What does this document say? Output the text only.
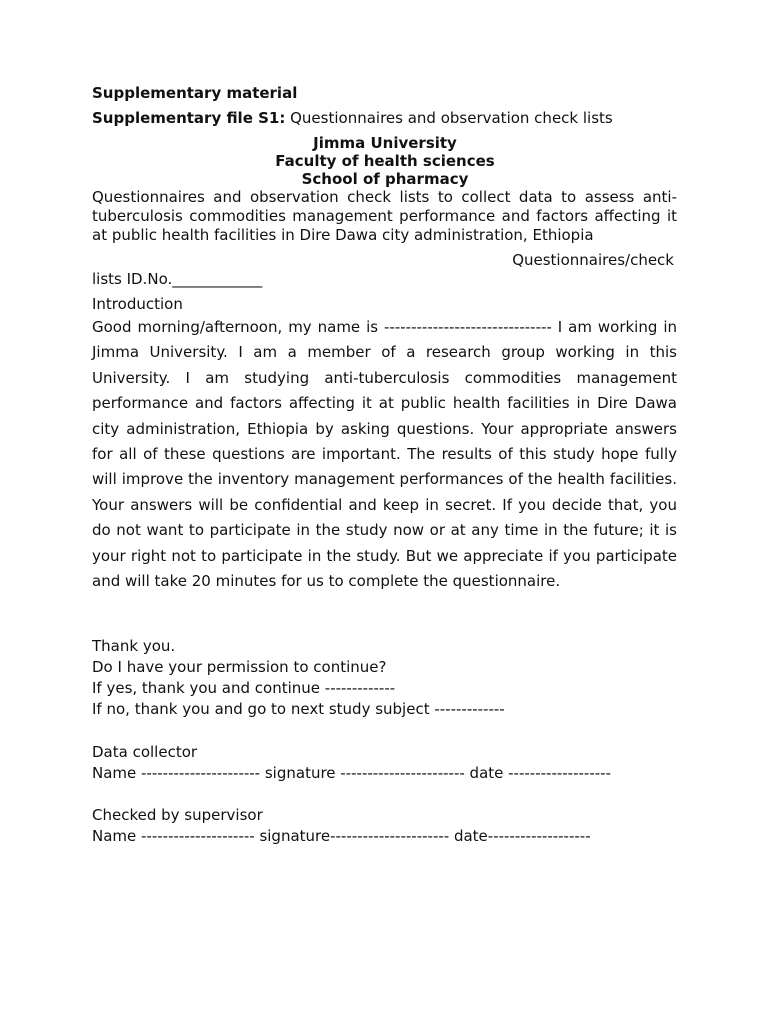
Supplementary material

Supplementary file S1: Questionnaires and observation check lists

Jimma University

Faculty of health sciences

School of pharmacy

Questionnaires and observation check lists to collect data to assess anti-tuberculosis commodities management performance and factors affecting it at public health facilities in Dire Dawa city administration, Ethiopia

Questionnaires/check

lists ID.No.____________

Introduction

Good morning/afternoon, my name is ------------------------------- I am working in Jimma University. I am a member of a research group working in this University. I am studying anti-tuberculosis commodities management performance and factors affecting it at public health facilities in Dire Dawa city administration, Ethiopia by asking questions. Your appropriate answers for all of these questions are important. The results of this study hope fully will improve the inventory management performances of the health facilities. Your answers will be confidential and keep in secret. If you decide that, you do not want to participate in the study now or at any time in the future; it is your right not to participate in the study. But we appreciate if you participate and will take 20 minutes for us to complete the questionnaire.

Thank you.

Do I have your permission to continue?

If yes, thank you and continue -------------

If no, thank you and go to next study subject -------------

Data collector

Name ---------------------- signature ----------------------- date -------------------

Checked by supervisor

Name --------------------- signature---------------------- date-------------------
